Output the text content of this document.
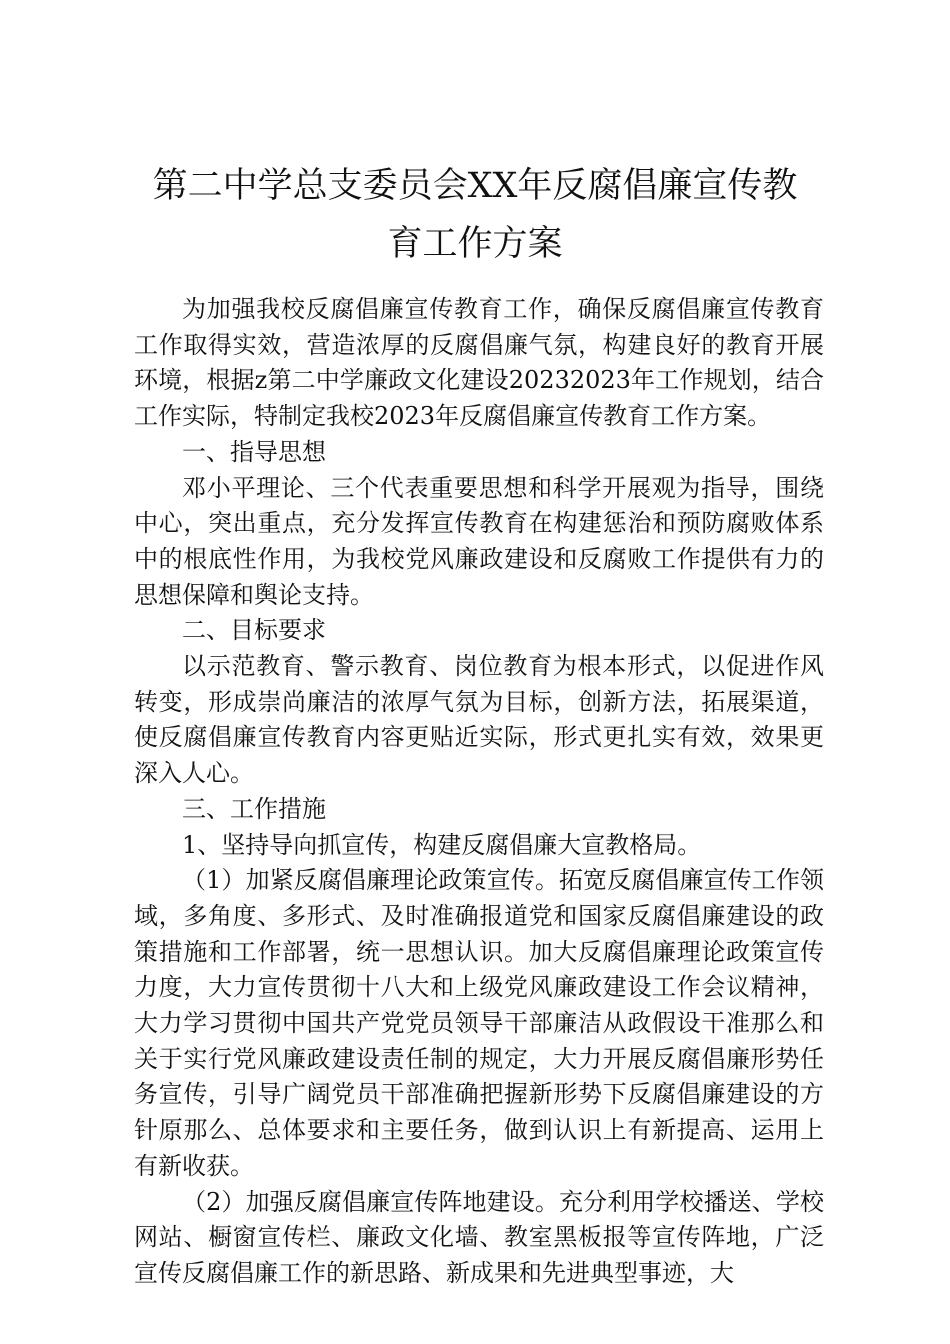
第二中学总支委员会XX年反腐倡廉宣传教
育工作方案

为加强我校反腐倡廉宣传教育工作，确保反腐倡廉宣传教育工作取得实效，营造浓厚的反腐倡廉气氛，构建良好的教育开展环境，根据z第二中学廉政文化建设20232023年工作规划，结合工作实际，特制定我校2023年反腐倡廉宣传教育工作方案。

一、指导思想

邓小平理论、三个代表重要思想和科学开展观为指导，围绕中心，突出重点，充分发挥宣传教育在构建惩治和预防腐败体系中的根底性作用，为我校党风廉政建设和反腐败工作提供有力的思想保障和舆论支持。

二、目标要求

以示范教育、警示教育、岗位教育为根本形式，以促进作风转变，形成崇尚廉洁的浓厚气氛为目标，创新方法，拓展渠道，使反腐倡廉宣传教育内容更贴近实际，形式更扎实有效，效果更深入人心。

三、工作措施

1、坚持导向抓宣传，构建反腐倡廉大宣教格局。

（1）加紧反腐倡廉理论政策宣传。拓宽反腐倡廉宣传工作领域，多角度、多形式、及时准确报道党和国家反腐倡廉建设的政策措施和工作部署，统一思想认识。加大反腐倡廉理论政策宣传力度，大力宣传贯彻十八大和上级党风廉政建设工作会议精神，大力学习贯彻中国共产党党员领导干部廉洁从政假设干准那么和关于实行党风廉政建设责任制的规定，大力开展反腐倡廉形势任务宣传，引导广阔党员干部准确把握新形势下反腐倡廉建设的方针原那么、总体要求和主要任务，做到认识上有新提高、运用上有新收获。

（2）加强反腐倡廉宣传阵地建设。充分利用学校播送、学校网站、橱窗宣传栏、廉政文化墙、教室黑板报等宣传阵地，广泛宣传反腐倡廉工作的新思路、新成果和先进典型事迹，大
